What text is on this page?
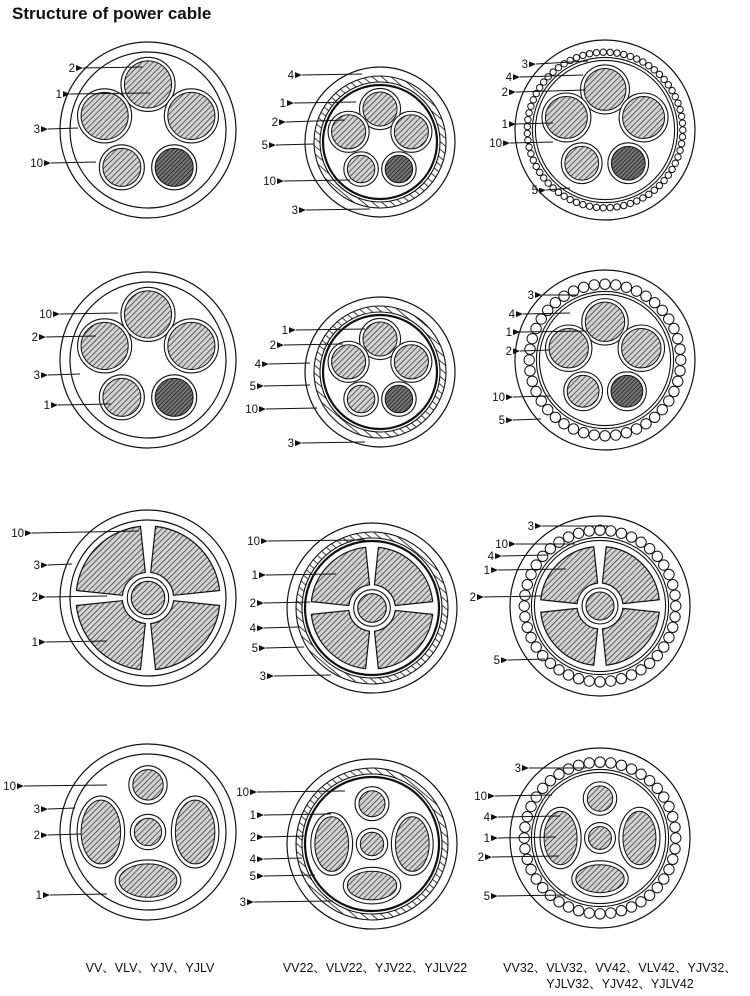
Structure of power cable
2
1
3
10
4
1
2
5
10
3
3
4
2
1
10
5
10
2
3
1
1
2
4
5
10
3
3
4
1
2
10
5
10
3
2
1
10
1
2
4
5
3
3
10
4
1
2
5
10
3
2
1
10
1
2
4
5
3
3
10
4
1
2
5
VV、VLV、YJV、YJLV	VV22、VLV22、YJV22、YJLV22	VV32、VLV32、VV42、VLV42、YJV32、
YJLV32、YJV42、YJLV42
